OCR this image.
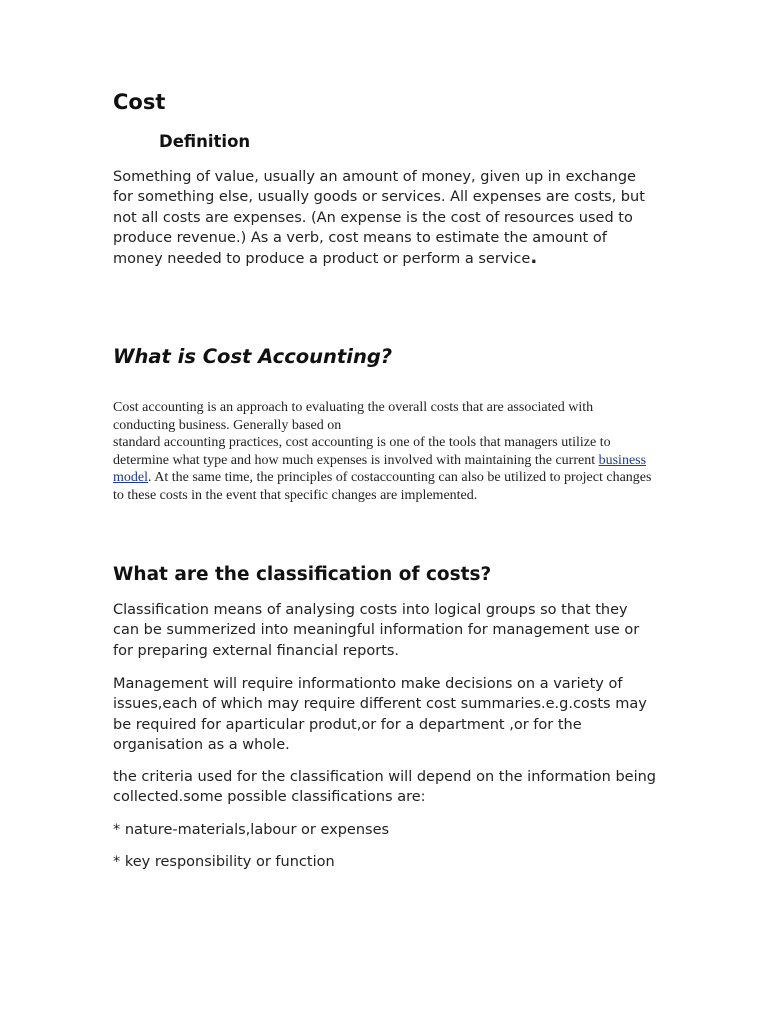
Cost
Definition

Something of value, usually an amount of money, given up in exchange for something else, usually goods or services. All expenses are costs, but not all costs are expenses. (An expense is the cost of resources used to produce revenue.) As a verb, cost means to estimate the amount of money needed to produce a product or perform a service.

What is Cost Accounting?

Cost accounting is an approach to evaluating the overall costs that are associated with conducting business. Generally based on
standard accounting practices, cost accounting is one of the tools that managers utilize to determine what type and how much expenses is involved with maintaining the current business model. At the same time, the principles of costaccounting can also be utilized to project changes to these costs in the event that specific changes are implemented.

What are the classification of costs?

Classification means of analysing costs into logical groups so that they can be summerized into meaningful information for management use or for preparing external financial reports.

Management will require informationto make decisions on a variety of issues,each of which may require different cost summaries.e.g.costs may be required for aparticular produt,or for a department ,or for the organisation as a whole.

the criteria used for the classification will depend on the information being collected.some possible classifications are:

* nature-materials,labour or expenses

* key responsibility or function
